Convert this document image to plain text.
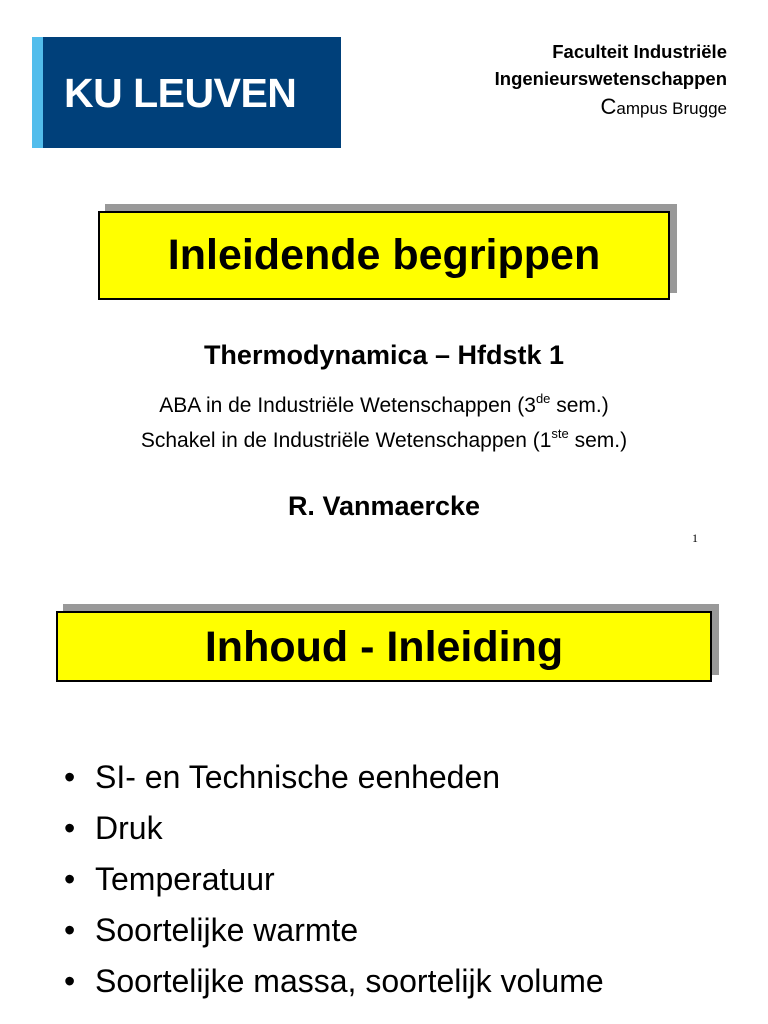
KU LEUVEN
Faculteit Industriële
Ingenieurswetenschappen
Campus Brugge
Inleidende begrippen
Thermodynamica – Hfdstk 1
ABA in de Industriële Wetenschappen (3de sem.)
Schakel in de Industriële Wetenschappen (1ste sem.)
R. Vanmaercke
1
Inhoud - Inleiding
• SI- en Technische eenheden
• Druk
• Temperatuur
• Soortelijke warmte
• Soortelijke massa, soortelijk volume
